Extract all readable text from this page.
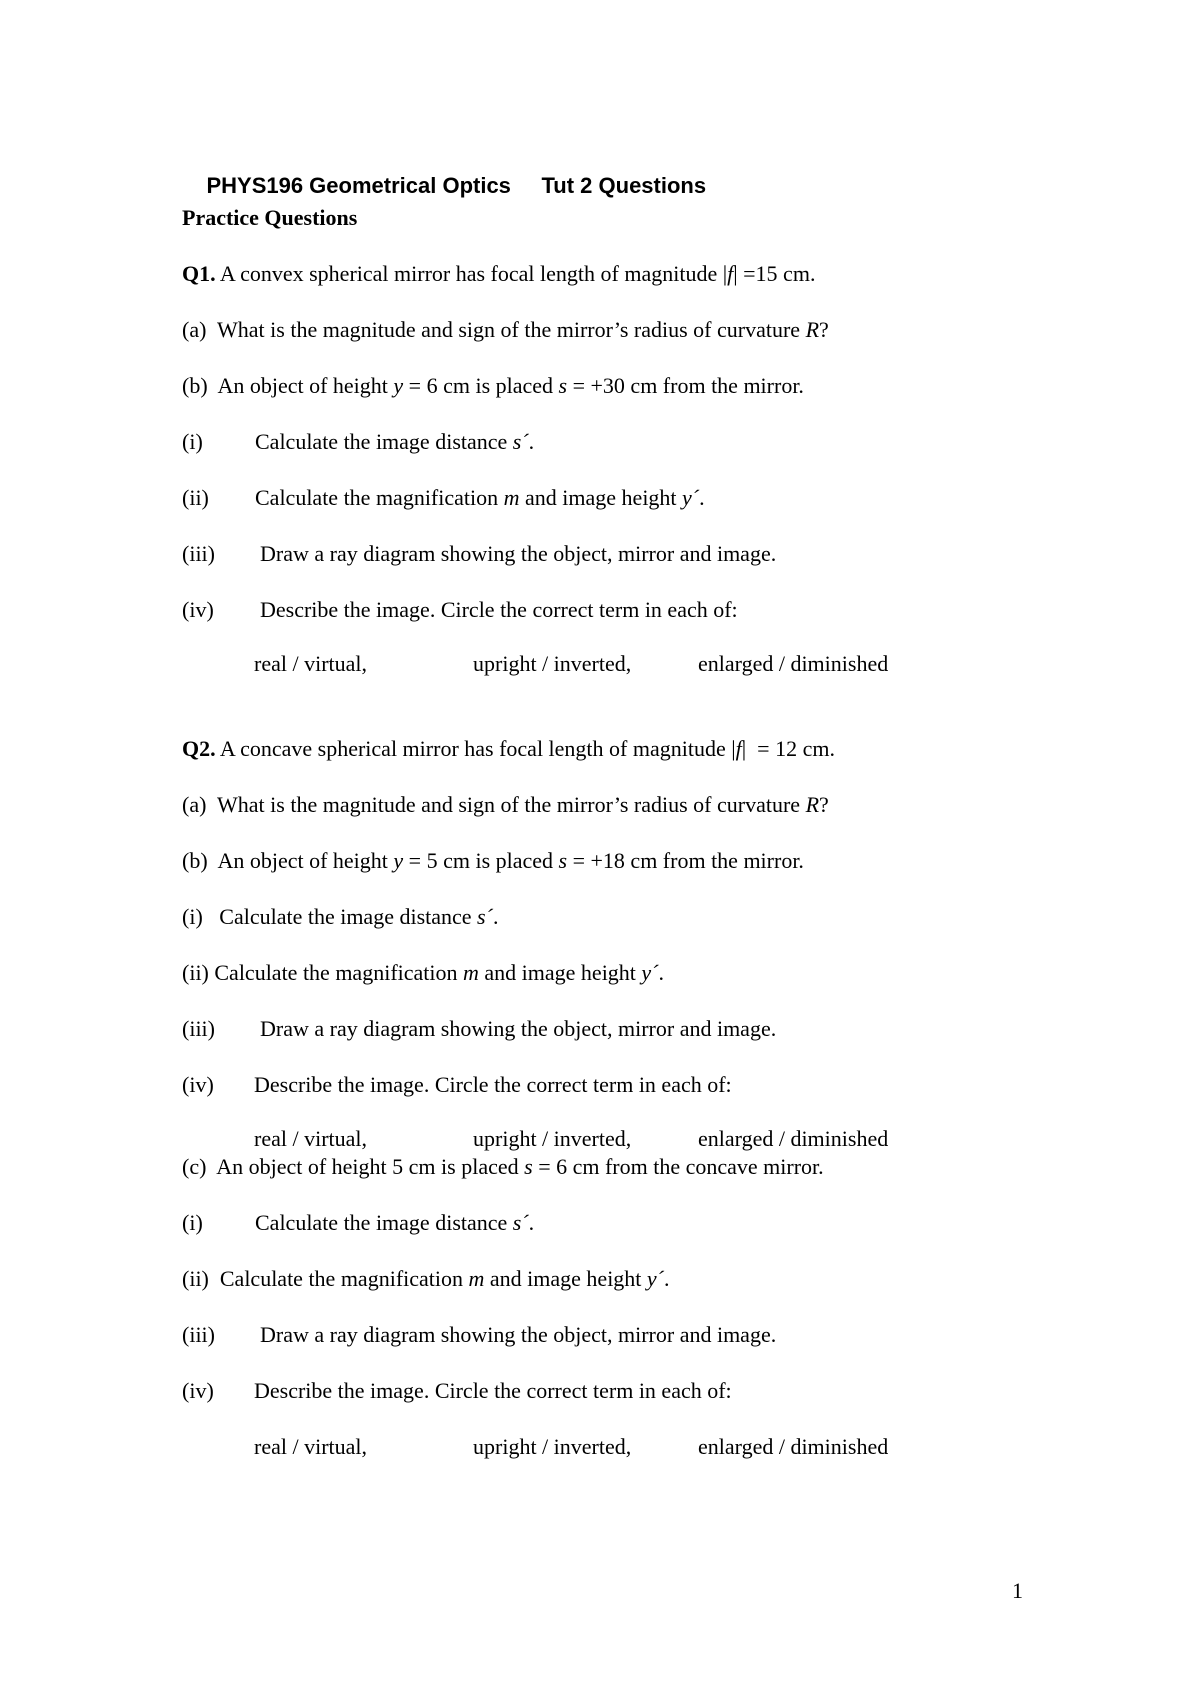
PHYS196 Geometrical Optics Tut 2 Questions

Practice Questions
Q1. A convex spherical mirror has focal length of magnitude |f| =15 cm.
(a)  What is the magnitude and sign of the mirror’s radius of curvature R?
(b)  An object of height y = 6 cm is placed s = +30 cm from the mirror.
(i) Calculate the image distance s´.
(ii) Calculate the magnification m and image height y´.
(iii) Draw a ray diagram showing the object, mirror and image.
(iv) Describe the image. Circle the correct term in each of:
real / virtual,	upright / inverted,	enlarged / diminished
Q2. A concave spherical mirror has focal length of magnitude |f|  = 12 cm.
(a)  What is the magnitude and sign of the mirror’s radius of curvature R?
(b)  An object of height y = 5 cm is placed s = +18 cm from the mirror.
(i)   Calculate the image distance s´.
(ii) Calculate the magnification m and image height y´.
(iii) Draw a ray diagram showing the object, mirror and image.
(iv) Describe the image. Circle the correct term in each of:
real / virtual,	upright / inverted,	enlarged / diminished
(c)  An object of height 5 cm is placed s = 6 cm from the concave mirror.
(i) Calculate the image distance s´.
(ii)  Calculate the magnification m and image height y´.
(iii) Draw a ray diagram showing the object, mirror and image.
(iv) Describe the image. Circle the correct term in each of:
real / virtual,	upright / inverted,	enlarged / diminished
1
